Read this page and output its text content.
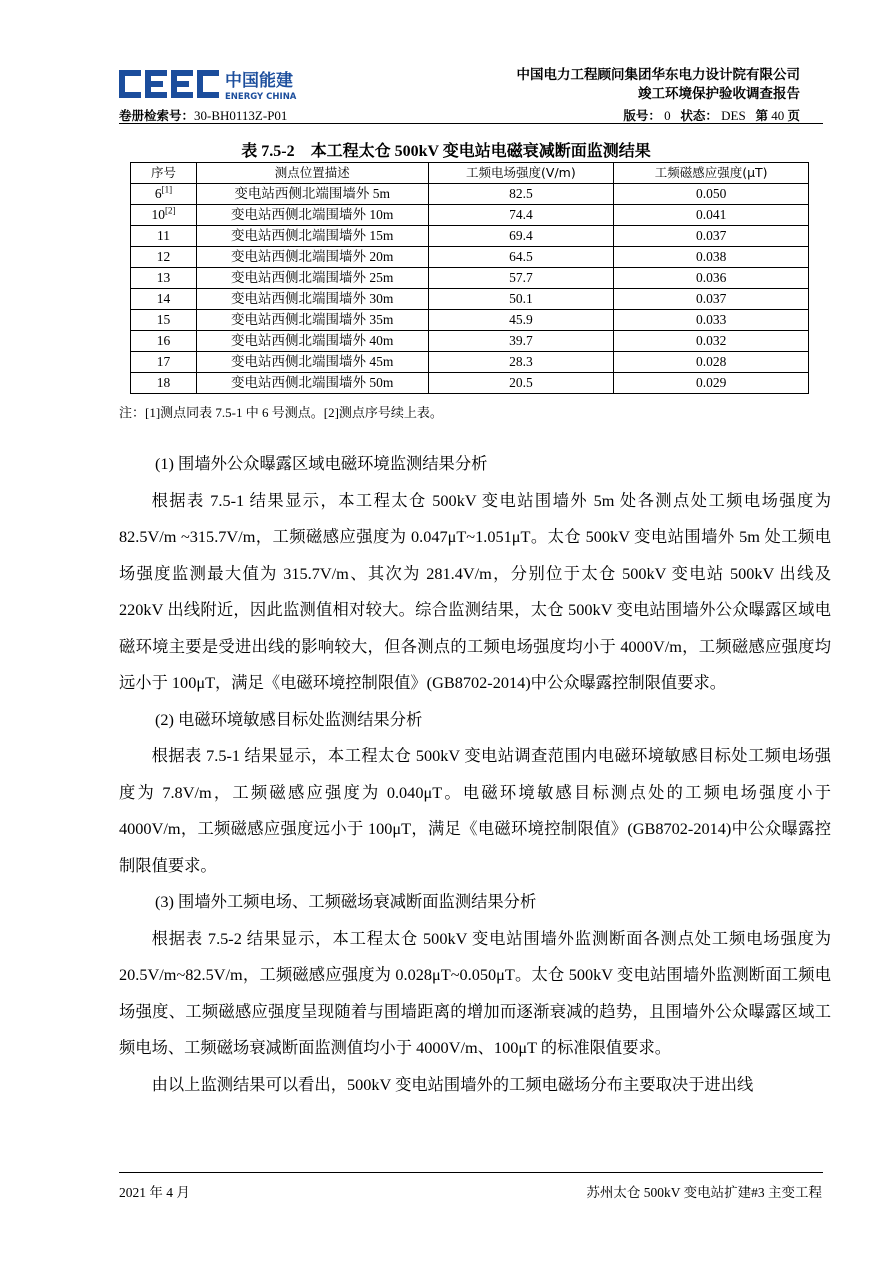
中国能建
ENERGY CHINA
中国电力工程顾问集团华东电力设计院有限公司
竣工环境保护验收调查报告
卷册检索号：30-BH0113Z-P01	版号： 0 状态： DES 第 40 页
表 7.5-2　本工程太仓 500kV 变电站电磁衰减断面监测结果
序号	测点位置描述	工频电场强度(V/m)	工频磁感应强度(μT)
6[1]	变电站西侧北端围墙外 5m	82.5	0.050
10[2]	变电站西侧北端围墙外 10m	74.4	0.041
11	变电站西侧北端围墙外 15m	69.4	0.037
12	变电站西侧北端围墙外 20m	64.5	0.038
13	变电站西侧北端围墙外 25m	57.7	0.036
14	变电站西侧北端围墙外 30m	50.1	0.037
15	变电站西侧北端围墙外 35m	45.9	0.033
16	变电站西侧北端围墙外 40m	39.7	0.032
17	变电站西侧北端围墙外 45m	28.3	0.028
18	变电站西侧北端围墙外 50m	20.5	0.029
注：[1]测点同表 7.5-1 中 6 号测点。[2]测点序号续上表。

(1) 围墙外公众曝露区域电磁环境监测结果分析

根据表 7.5-1 结果显示，本工程太仓 500kV 变电站围墙外 5m 处各测点处工频电场强度为 82.5V/m ~315.7V/m，工频磁感应强度为 0.047μT~1.051μT。太仓 500kV 变电站围墙外 5m 处工频电场强度监测最大值为 315.7V/m、其次为 281.4V/m，分别位于太仓 500kV 变电站 500kV 出线及 220kV 出线附近，因此监测值相对较大。综合监测结果，太仓 500kV 变电站围墙外公众曝露区域电磁环境主要是受进出线的影响较大，但各测点的工频电场强度均小于 4000V/m，工频磁感应强度均远小于 100μT，满足《电磁环境控制限值》(GB8702-2014)中公众曝露控制限值要求。

(2) 电磁环境敏感目标处监测结果分析

根据表 7.5-1 结果显示，本工程太仓 500kV 变电站调查范围内电磁环境敏感目标处工频电场强度为 7.8V/m，工频磁感应强度为 0.040μT。电磁环境敏感目标测点处的工频电场强度小于 4000V/m，工频磁感应强度远小于 100μT，满足《电磁环境控制限值》(GB8702-2014)中公众曝露控制限值要求。

(3) 围墙外工频电场、工频磁场衰减断面监测结果分析

根据表 7.5-2 结果显示，本工程太仓 500kV 变电站围墙外监测断面各测点处工频电场强度为 20.5V/m~82.5V/m，工频磁感应强度为 0.028μT~0.050μT。太仓 500kV 变电站围墙外监测断面工频电场强度、工频磁感应强度呈现随着与围墙距离的增加而逐渐衰减的趋势，且围墙外公众曝露区域工频电场、工频磁场衰减断面监测值均小于 4000V/m、100μT 的标准限值要求。

由以上监测结果可以看出，500kV 变电站围墙外的工频电磁场分布主要取决于进出线

2021 年 4 月	苏州太仓 500kV 变电站扩建#3 主变工程
